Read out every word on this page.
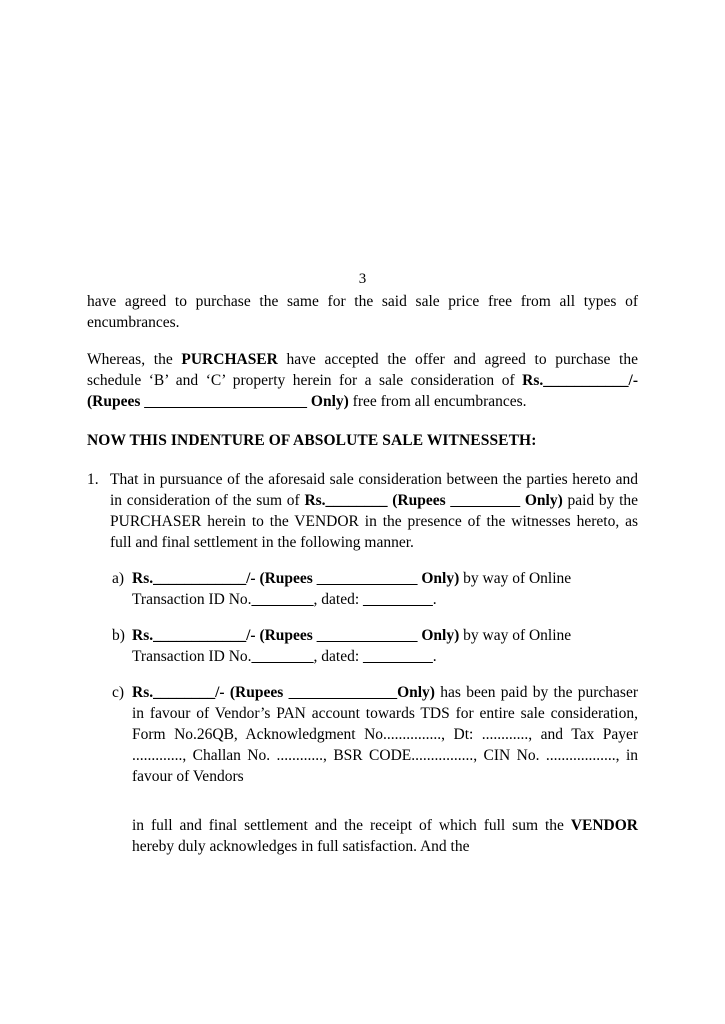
3

have agreed to purchase the same for the said sale price free from all types of encumbrances.

Whereas, the PURCHASER have accepted the offer and agreed to purchase the schedule ‘B’ and ‘C’ property herein for a sale consideration of Rs.___________/- (Rupees _____________________ Only) free from all encumbrances.

NOW THIS INDENTURE OF ABSOLUTE SALE WITNESSETH:

1. That in pursuance of the aforesaid sale consideration between the parties hereto and in consideration of the sum of Rs.________ (Rupees _________ Only) paid by the PURCHASER herein to the VENDOR in the presence of the witnesses hereto, as full and final settlement in the following manner.
a) Rs.____________/- (Rupees _____________ Only) by way of Online Transaction ID No.________, dated: _________.
b) Rs.____________/- (Rupees _____________ Only) by way of Online Transaction ID No.________, dated: _________.
c) Rs.________/- (Rupees ______________Only) has been paid by the purchaser in favour of Vendor’s PAN account towards TDS for entire sale consideration, Form No.26QB, Acknowledgment No..............., Dt: ............, and Tax Payer ............., Challan No. ............, BSR CODE................, CIN No. .................., in favour of Vendors

in full and final settlement and the receipt of which full sum the VENDOR hereby duly acknowledges in full satisfaction. And the
